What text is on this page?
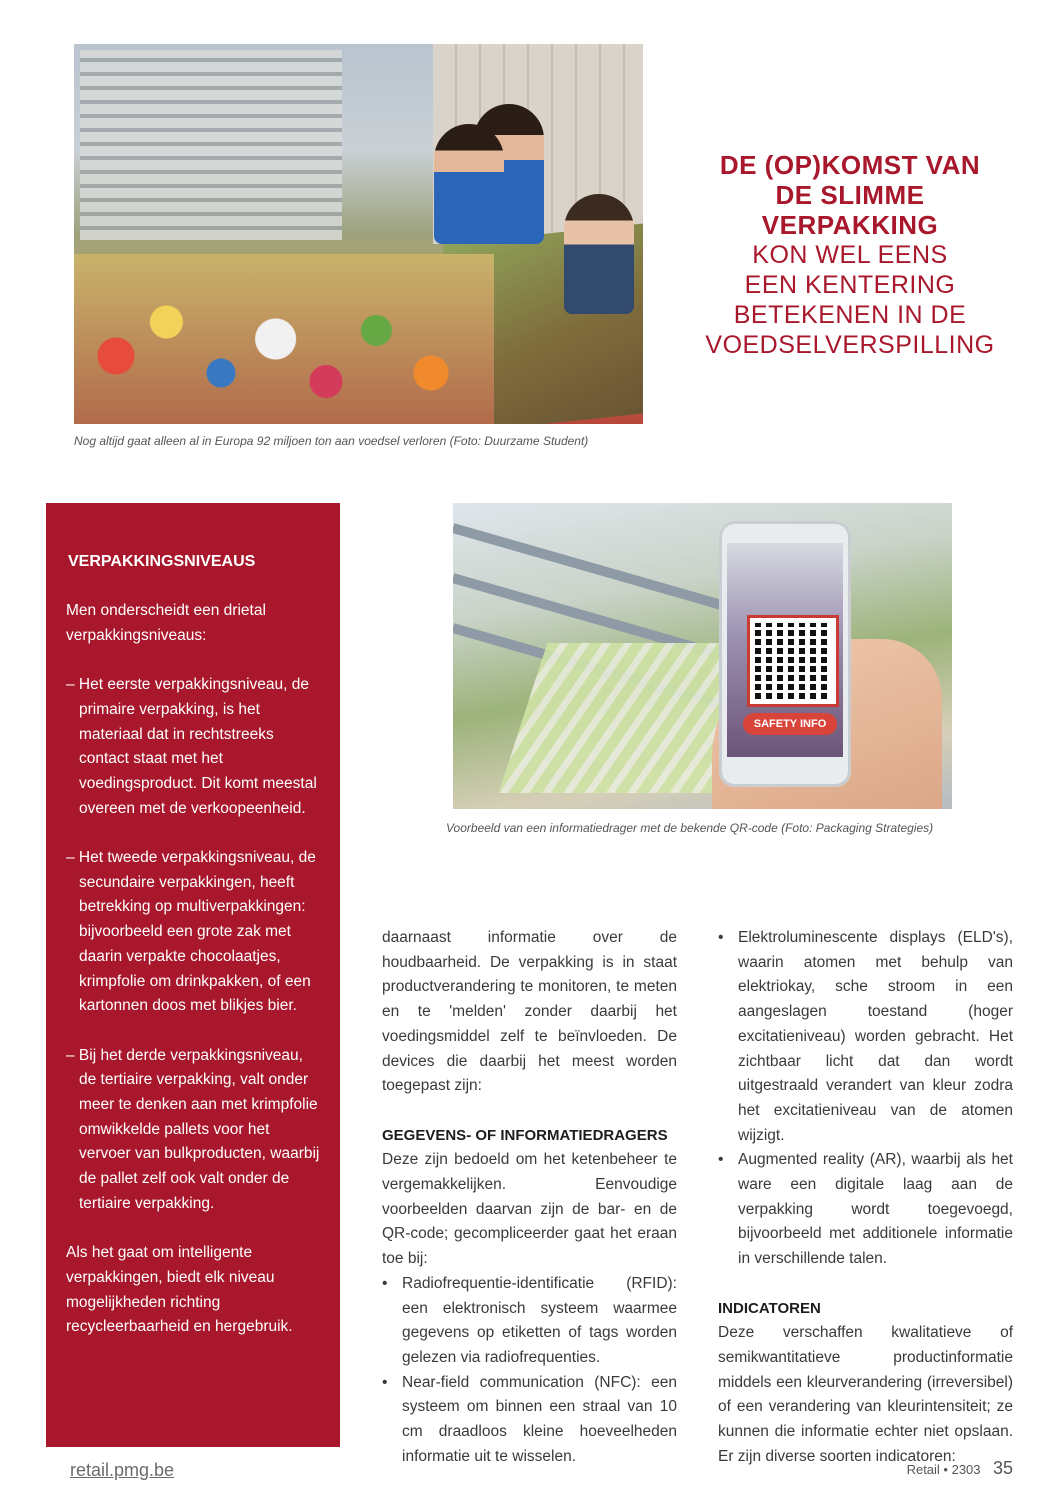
Nog altijd gaat alleen al in Europa 92 miljoen ton aan voedsel verloren (Foto: Duurzame Student)
DE (OP)KOMST VAN
DE SLIMME
VERPAKKING
KON WEL EENS
EEN KENTERING
BETEKENEN IN DE
VOEDSELVERSPILLING
VERPAKKINGSNIVEAUS

Men onderscheidt een drietal verpakkingsniveaus:

– Het eerste verpakkingsniveau, de primaire verpakking, is het materiaal dat in rechtstreeks contact staat met het voedingsproduct. Dit komt meestal overeen met de verkoopeenheid.

– Het tweede verpakkingsniveau, de secundaire verpakkingen, heeft betrekking op multiverpakkingen: bijvoorbeeld een grote zak met daarin verpakte chocolaatjes, krimpfolie om drinkpakken, of een kartonnen doos met blikjes bier.

– Bij het derde verpakkingsniveau, de tertiaire verpakking, valt onder meer te denken aan met krimpfolie omwikkelde pallets voor het vervoer van bulkproducten, waarbij de pallet zelf ook valt onder de tertiaire verpakking.

Als het gaat om intelligente verpakkingen, biedt elk niveau mogelijkheden richting recycleerbaarheid en hergebruik.

SAFETY INFO
Voorbeeld van een informatiedrager met de bekende QR-code (Foto: Packaging Strategies)

daarnaast informatie over de houdbaarheid. De verpakking is in staat productverandering te monitoren, te meten en te 'melden' zonder daarbij het voedingsmiddel zelf te beïnvloeden. De devices die daarbij het meest worden toegepast zijn:

GEGEVENS- OF INFORMATIEDRAGERS

Deze zijn bedoeld om het ketenbeheer te vergemakkelijken. Eenvoudige voorbeelden daarvan zijn de bar- en de QR-code; gecompliceerder gaat het eraan toe bij:

• Radiofrequentie-identificatie (RFID): een elektronisch systeem waarmee gegevens op etiketten of tags worden gelezen via radiofrequenties.
• Near-field communication (NFC): een systeem om binnen een straal van 10 cm draadloos kleine hoeveelheden informatie uit te wisselen.
• Elektroluminescente displays (ELD's), waarin atomen met behulp van elektriokay, sche stroom in een aangeslagen toestand (hoger excitatieniveau) worden gebracht. Het zichtbaar licht dat dan wordt uitgestraald verandert van kleur zodra het excitatieniveau van de atomen wijzigt.
• Augmented reality (AR), waarbij als het ware een digitale laag aan de verpakking wordt toegevoegd, bijvoorbeeld met additionele informatie in verschillende talen.
INDICATOREN

Deze verschaffen kwalitatieve of semikwantitatieve productinformatie middels een kleurverandering (irreversibel) of een verandering van kleurintensiteit; ze kunnen die informatie echter niet opslaan. Er zijn diverse soorten indicatoren:

retail.pmg.be	Retail • 2303 35
